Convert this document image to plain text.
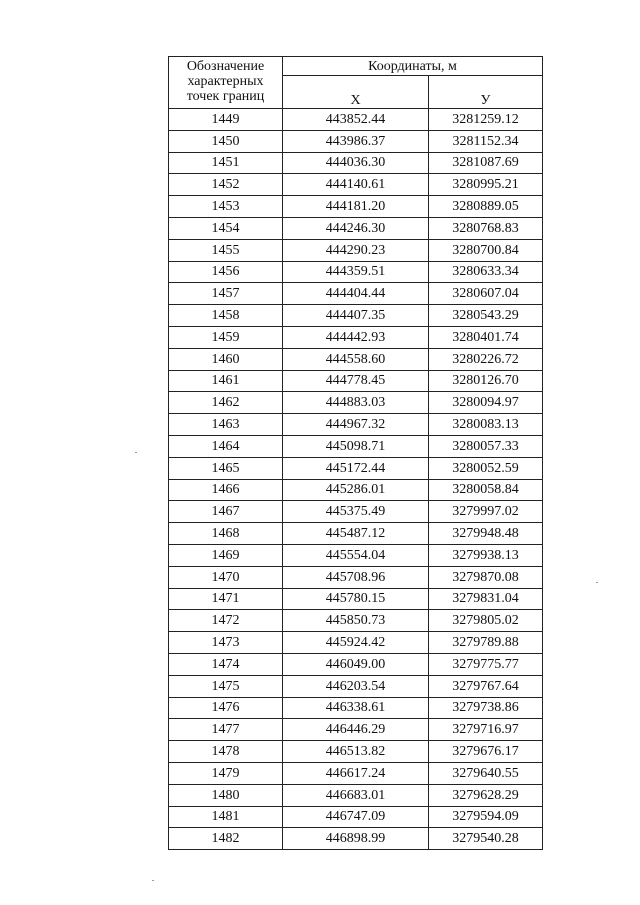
Обозначение
характерных
точек границ	Координаты, м	
	X	У
1449	443852.44	3281259.12
1450	443986.37	3281152.34
1451	444036.30	3281087.69
1452	444140.61	3280995.21
1453	444181.20	3280889.05
1454	444246.30	3280768.83
1455	444290.23	3280700.84
1456	444359.51	3280633.34
1457	444404.44	3280607.04
1458	444407.35	3280543.29
1459	444442.93	3280401.74
1460	444558.60	3280226.72
1461	444778.45	3280126.70
1462	444883.03	3280094.97
1463	444967.32	3280083.13
1464	445098.71	3280057.33
1465	445172.44	3280052.59
1466	445286.01	3280058.84
1467	445375.49	3279997.02
1468	445487.12	3279948.48
1469	445554.04	3279938.13
1470	445708.96	3279870.08
1471	445780.15	3279831.04
1472	445850.73	3279805.02
1473	445924.42	3279789.88
1474	446049.00	3279775.77
1475	446203.54	3279767.64
1476	446338.61	3279738.86
1477	446446.29	3279716.97
1478	446513.82	3279676.17
1479	446617.24	3279640.55
1480	446683.01	3279628.29
1481	446747.09	3279594.09
1482	446898.99	3279540.28
